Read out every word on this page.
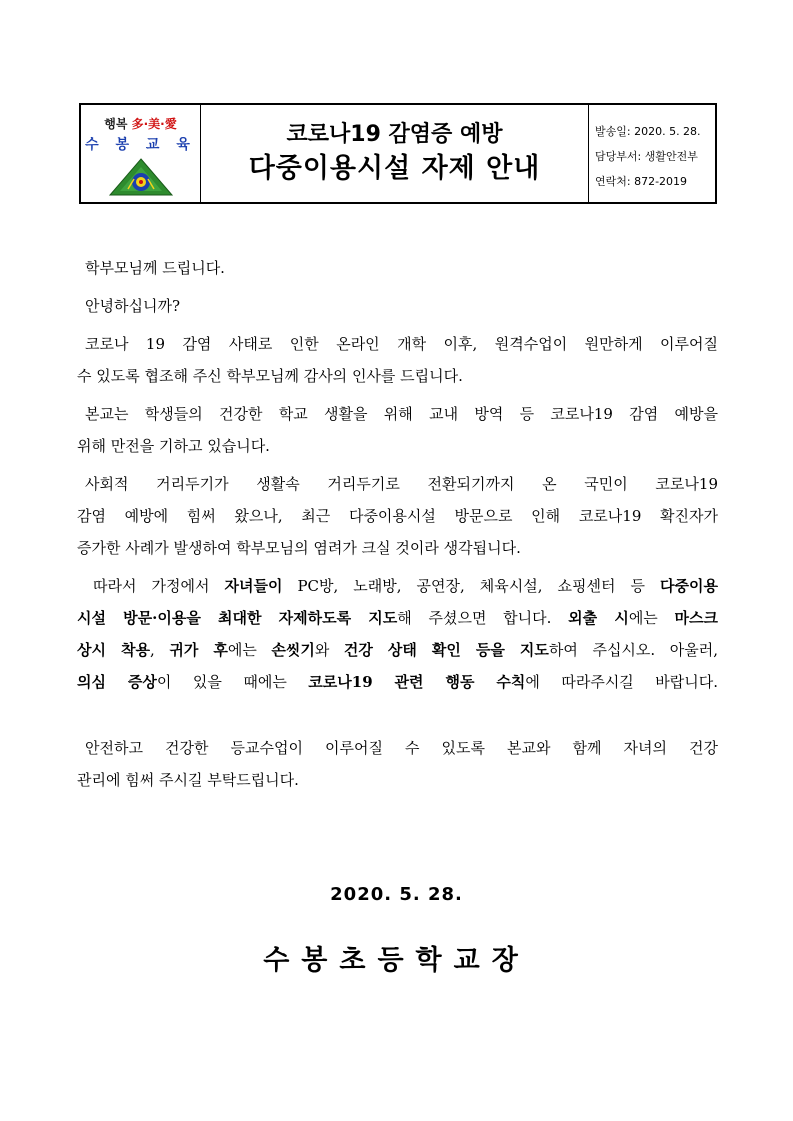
행복 多·美·愛
수 봉 교 육	코로나19 감염증 예방
다중이용시설 자제 안내
발송일: 2020. 5. 28.
담당부서: 생활안전부
연락처: 872-2019
학부모님께 드립니다.
안녕하십니까?
코로나 19 감염 사태로 인한 온라인 개학 이후, 원격수업이 원만하게 이루어질
수 있도록 협조해 주신 학부모님께 감사의 인사를 드립니다.
본교는 학생들의 건강한 학교 생활을 위해 교내 방역 등 코로나19 감염 예방을
위해 만전을 기하고 있습니다.
사회적 거리두기가 생활속 거리두기로 전환되기까지 온 국민이 코로나19
감염 예방에 힘써 왔으나, 최근 다중이용시설 방문으로 인해 코로나19 확진자가
증가한 사례가 발생하여 학부모님의 염려가 크실 것이라 생각됩니다.
따라서 가정에서 자녀들이 PC방, 노래방, 공연장, 체육시설, 쇼핑센터 등 다중이용
시설 방문·이용을 최대한 자제하도록 지도해 주셨으면 합니다. 외출 시에는 마스크
상시 착용, 귀가 후에는 손씻기와 건강 상태 확인 등을 지도하여 주십시오. 아울러,
의심 증상이 있을 때에는 코로나19 관련 행동 수칙에 따라주시길 바랍니다.
안전하고 건강한 등교수업이 이루어질 수 있도록 본교와 함께 자녀의 건강
관리에 힘써 주시길 부탁드립니다.
2020. 5. 28.
수봉초등학교장
